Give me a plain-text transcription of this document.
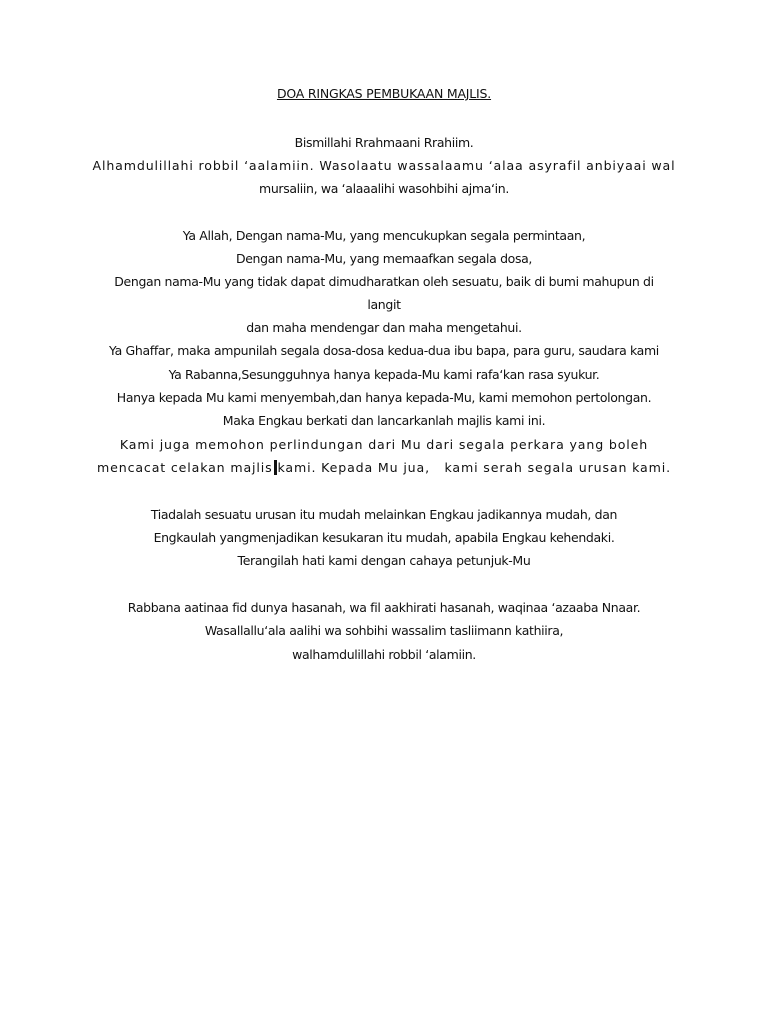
DOA RINGKAS PEMBUKAAN MAJLIS.
Bismillahi Rrahmaani Rrahiim.
Alhamdulillahi robbil ‘aalamiin. Wasolaatu wassalaamu ‘alaa asyrafil anbiyaai wal
mursaliin, wa ‘alaaalihi wasohbihi ajma‘in.
Ya Allah, Dengan nama-Mu, yang mencukupkan segala permintaan,
Dengan nama-Mu, yang memaafkan segala dosa,
Dengan nama-Mu yang tidak dapat dimudharatkan oleh sesuatu, baik di bumi mahupun di
langit
dan maha mendengar dan maha mengetahui.
Ya Ghaffar, maka ampunilah segala dosa-dosa kedua-dua ibu bapa, para guru, saudara kami
Ya Rabanna,Sesungguhnya hanya kepada-Mu kami rafa‘kan rasa syukur.
Hanya kepada Mu kami menyembah,dan hanya kepada-Mu, kami memohon pertolongan.
Maka Engkau berkati dan lancarkanlah majlis kami ini.
Kami juga memohon perlindungan dari Mu dari segala perkara yang boleh
mencacat celakan majlis kami. Kepada Mu jua,   kami serah segala urusan kami.
Tiadalah sesuatu urusan itu mudah melainkan Engkau jadikannya mudah, dan
Engkaulah yangmenjadikan kesukaran itu mudah, apabila Engkau kehendaki.
Terangilah hati kami dengan cahaya petunjuk-Mu
Rabbana aatinaa fid dunya hasanah, wa fil aakhirati hasanah, waqinaa ‘azaaba Nnaar.
Wasallallu‘ala aalihi wa sohbihi wassalim tasliimann kathiira,
walhamdulillahi robbil ‘alamiin.
